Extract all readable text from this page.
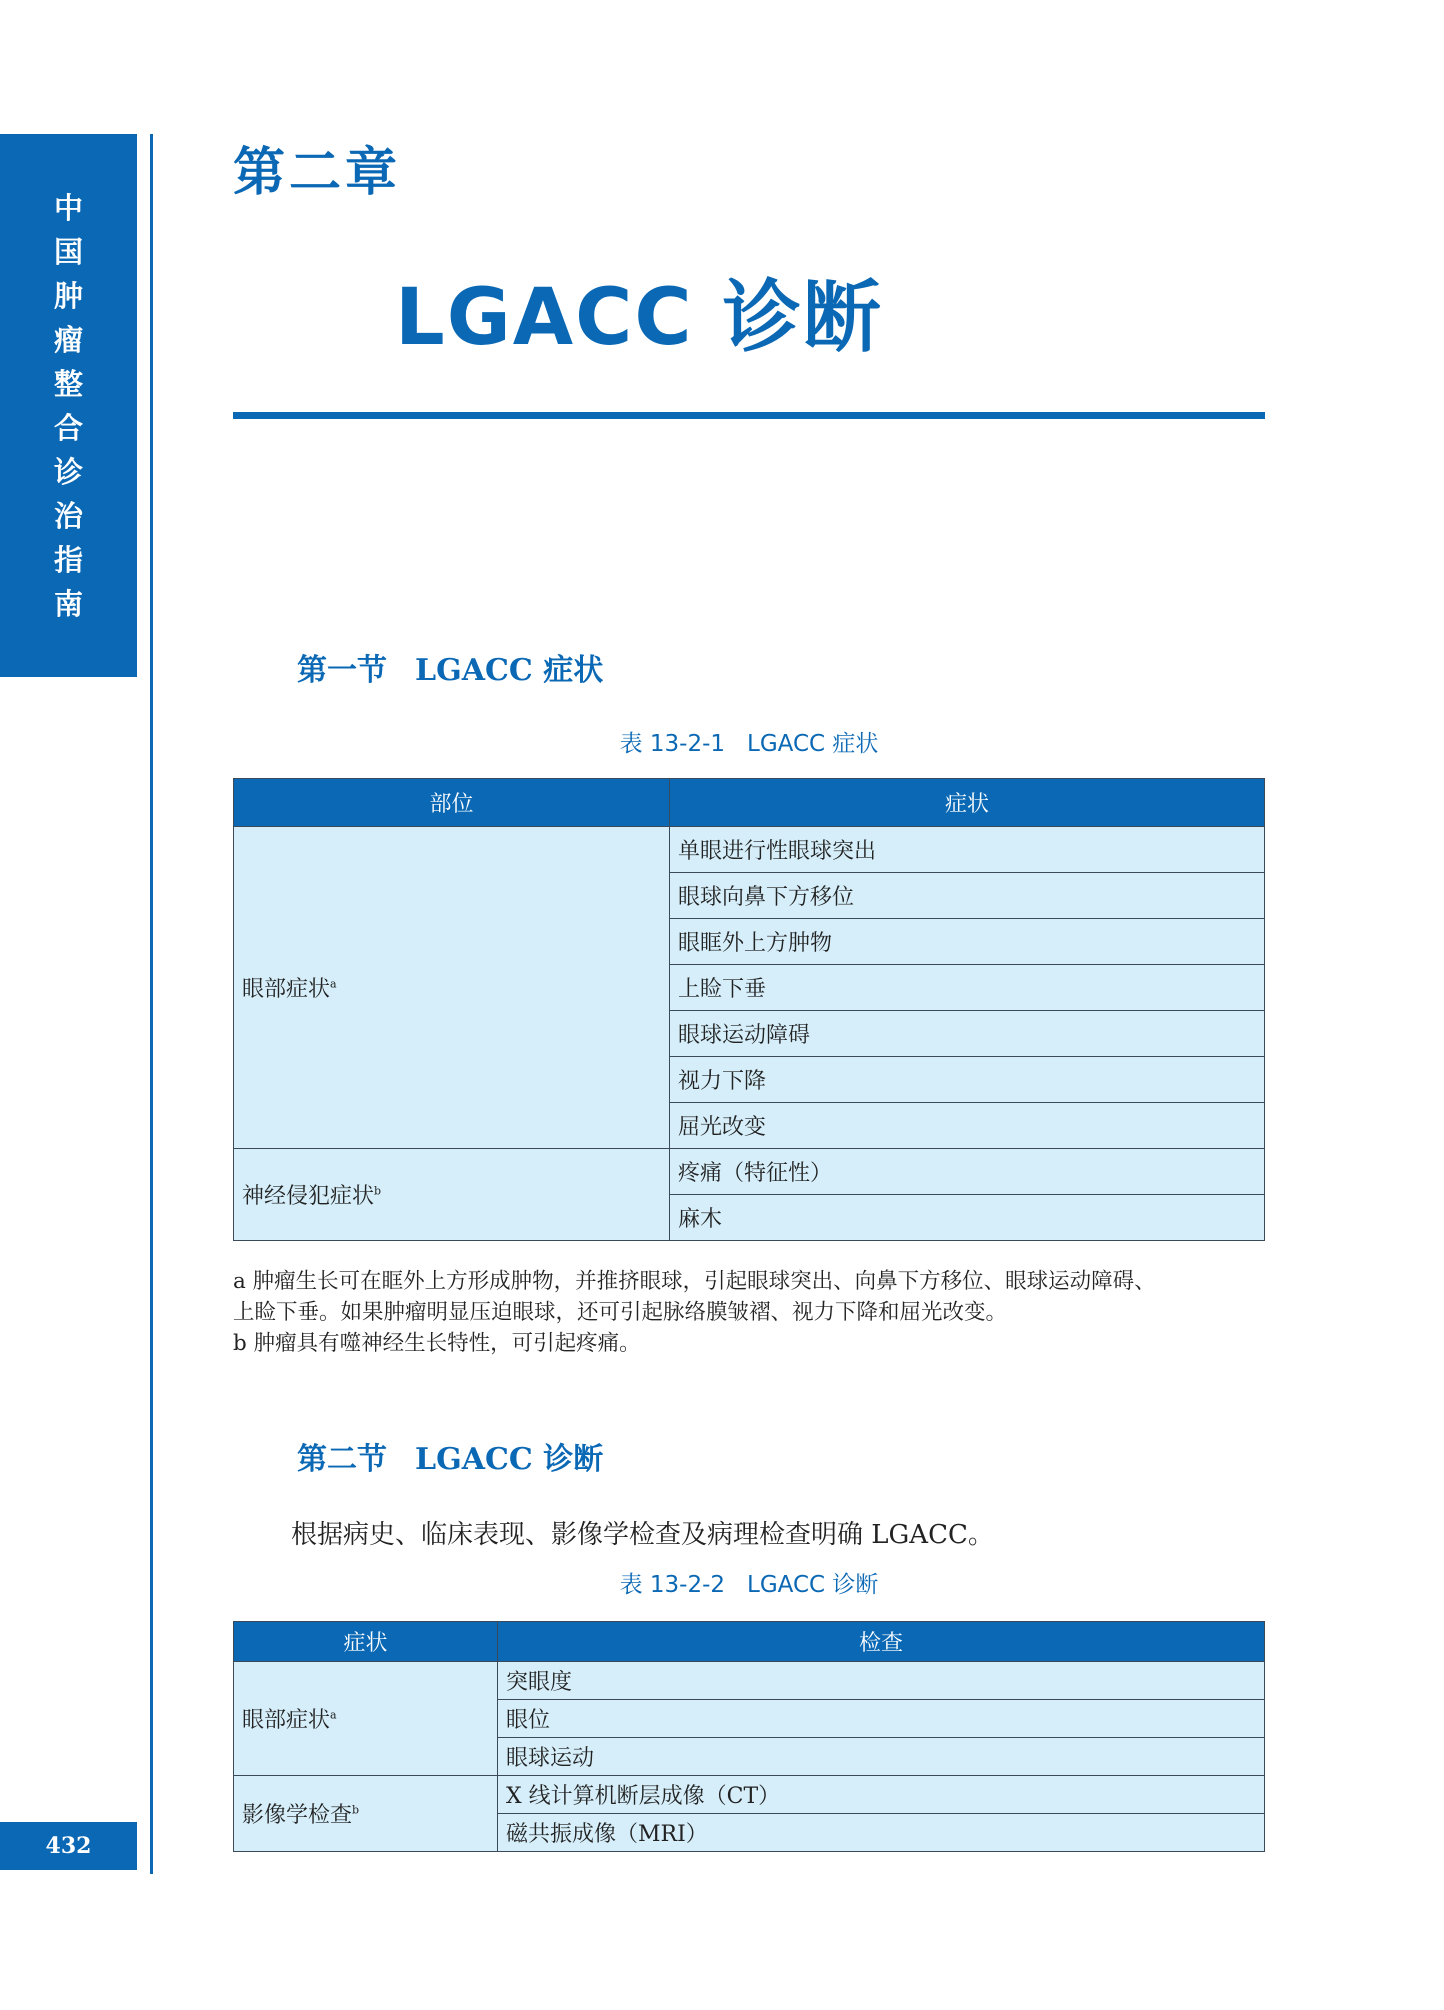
中
国
肿
瘤
整
合
诊
治
指
南
432
第二章
LGACC 诊断
第一节 LGACC 症状
表 13-2-1 LGACC 症状
部位	症状
眼部症状$^a$	单眼进行性眼球突出
	眼球向鼻下方移位
	眼眶外上方肿物
	上睑下垂
	眼球运动障碍
	视力下降
	屈光改变
神经侵犯症状$^b$	疼痛（特征性）
	麻木
a 肿瘤生长可在眶外上方形成肿物，并推挤眼球，引起眼球突出、向鼻下方移位、眼球运动障碍、
上睑下垂。如果肿瘤明显压迫眼球，还可引起脉络膜皱褶、视力下降和屈光改变。
b 肿瘤具有噬神经生长特性，可引起疼痛。
第二节 LGACC 诊断
根据病史、临床表现、影像学检查及病理检查明确 LGACC。
表 13-2-2 LGACC 诊断
症状	检查
眼部症状$^a$	突眼度
	眼位
	眼球运动
影像学检查$^b$	X 线计算机断层成像（CT）
	磁共振成像（MRI）
